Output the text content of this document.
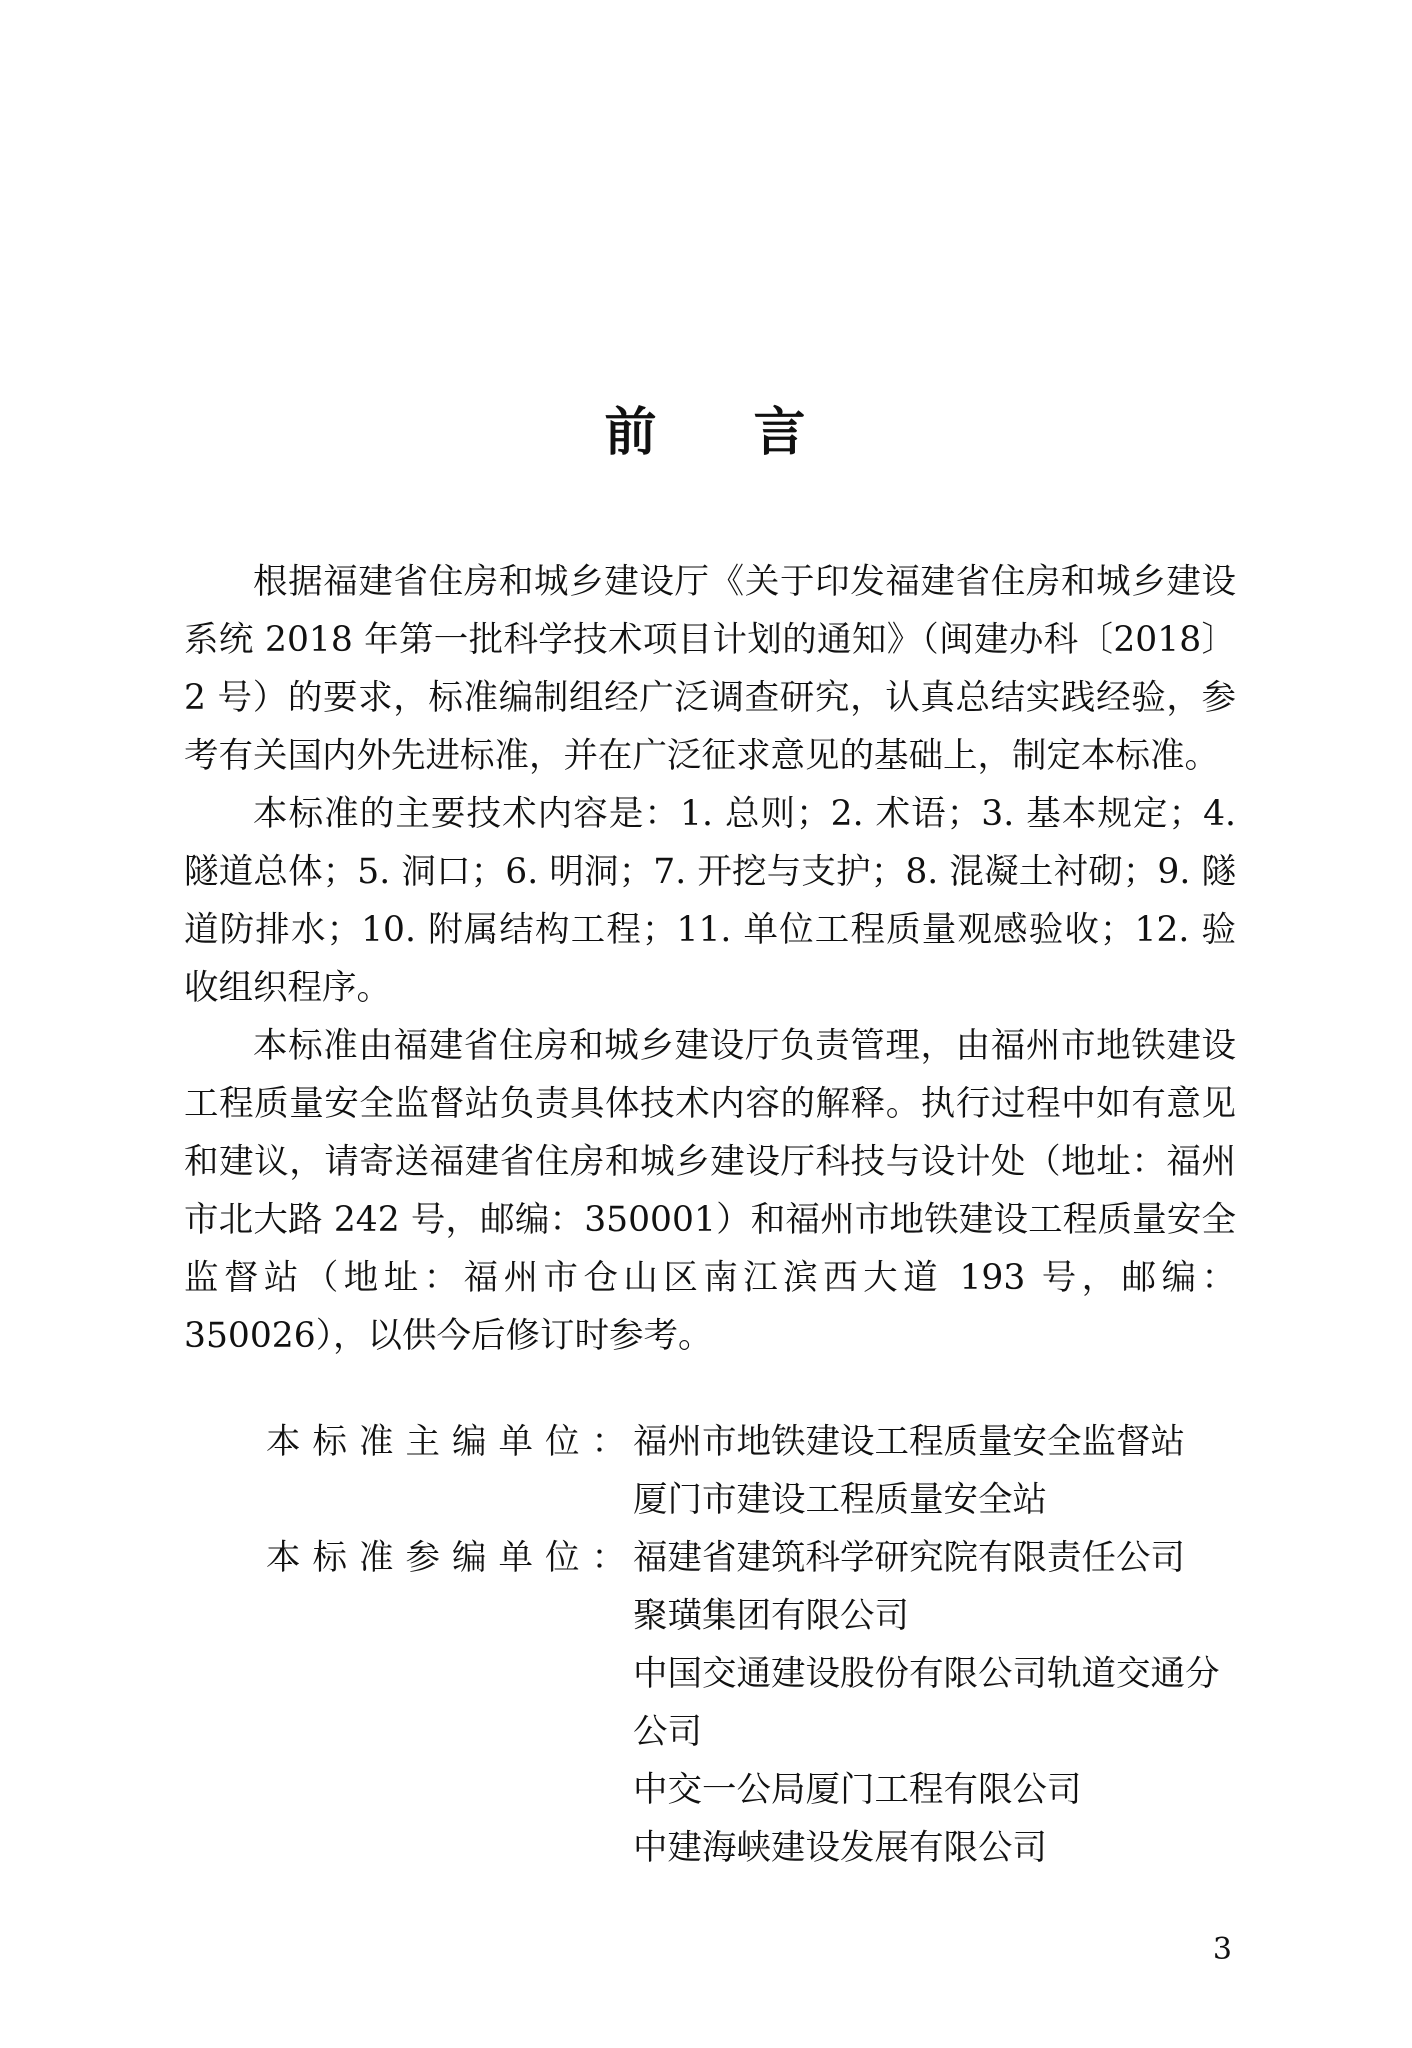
前 言

根据福建省住房和城乡建设厅《关于印发福建省住房和城乡建设系统 2018 年第一批科学技术项目计划的通知》（闽建办科〔2018〕2 号）的要求，标准编制组经广泛调查研究，认真总结实践经验，参考有关国内外先进标准，并在广泛征求意见的基础上，制定本标准。

本标准的主要技术内容是：1. 总则；2. 术语；3. 基本规定；4. 隧道总体；5. 洞口；6. 明洞；7. 开挖与支护；8. 混凝土衬砌；9. 隧道防排水；10. 附属结构工程；11. 单位工程质量观感验收；12. 验收组织程序。

本标准由福建省住房和城乡建设厅负责管理，由福州市地铁建设工程质量安全监督站负责具体技术内容的解释。执行过程中如有意见和建议，请寄送福建省住房和城乡建设厅科技与设计处（地址：福州市北大路 242 号，邮编：350001）和福州市地铁建设工程质量安全监督站（地址：福州市仓山区南江滨西大道 193 号，邮编：350026），以供今后修订时参考。

本标准主编单位：
福州市地铁建设工程质量安全监督站
厦门市建设工程质量安全站
本标准参编单位：
福建省建筑科学研究院有限责任公司
聚璜集团有限公司
中国交通建设股份有限公司轨道交通分公司
中交一公局厦门工程有限公司
中建海峡建设发展有限公司
3
